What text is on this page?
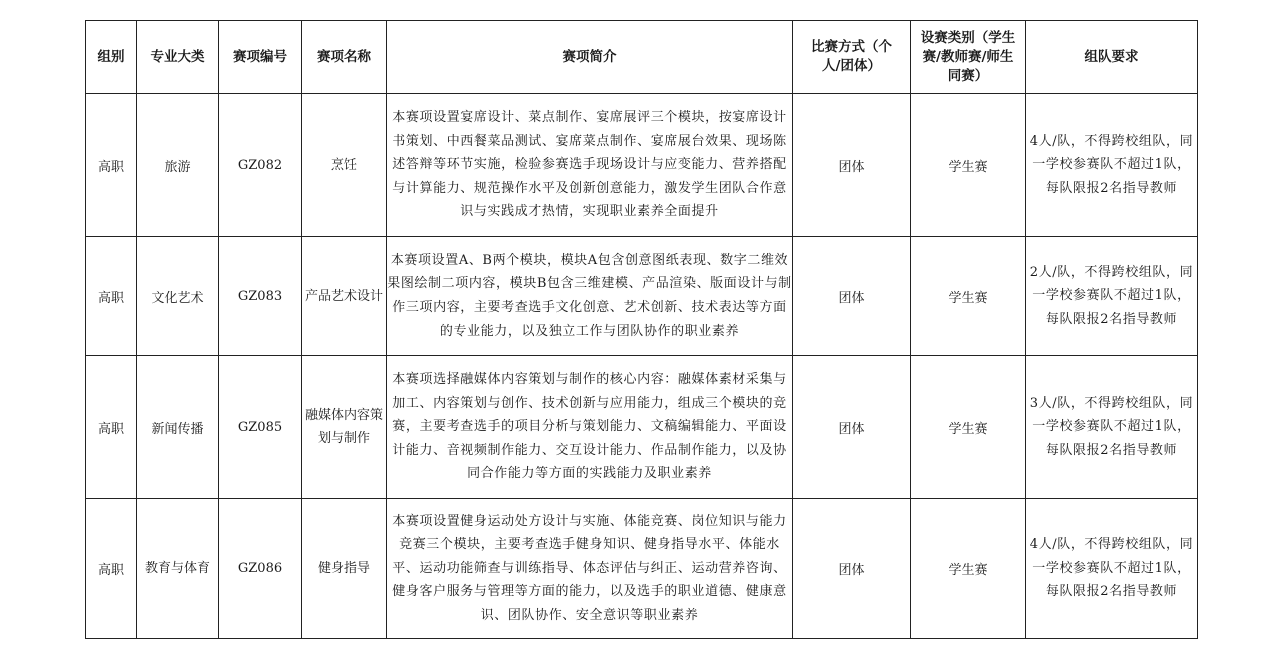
组别	专业大类	赛项编号	赛项名称	赛项简介	比赛方式（个人/团体）	设赛类别（学生赛/教师赛/师生同赛）	组队要求
高职	旅游	GZ082	烹饪	本赛项设置宴席设计、菜点制作、宴席展评三个模块，按宴席设计书策划、中西餐菜品测试、宴席菜点制作、宴席展台效果、现场陈述答辩等环节实施，检验参赛选手现场设计与应变能力、营养搭配与计算能力、规范操作水平及创新创意能力，激发学生团队合作意识与实践成才热情，实现职业素养全面提升	团体	学生赛	4人/队，不得跨校组队，同一学校参赛队不超过1队，每队限报2名指导教师
高职	文化艺术	GZ083	产品艺术设计	本赛项设置A、B两个模块，模块A包含创意图纸表现、数字二维效果图绘制二项内容，模块B包含三维建模、产品渲染、版面设计与制作三项内容，主要考查选手文化创意、艺术创新、技术表达等方面的专业能力，以及独立工作与团队协作的职业素养	团体	学生赛	2人/队，不得跨校组队，同一学校参赛队不超过1队，每队限报2名指导教师
高职	新闻传播	GZ085	融媒体内容策划与制作	本赛项选择融媒体内容策划与制作的核心内容：融媒体素材采集与加工、内容策划与创作、技术创新与应用能力，组成三个模块的竞赛，主要考查选手的项目分析与策划能力、文稿编辑能力、平面设计能力、音视频制作能力、交互设计能力、作品制作能力，以及协同合作能力等方面的实践能力及职业素养	团体	学生赛	3人/队，不得跨校组队，同一学校参赛队不超过1队，每队限报2名指导教师
高职	教育与体育	GZ086	健身指导	本赛项设置健身运动处方设计与实施、体能竞赛、岗位知识与能力竞赛三个模块，主要考查选手健身知识、健身指导水平、体能水平、运动功能筛查与训练指导、体态评估与纠正、运动营养咨询、健身客户服务与管理等方面的能力，以及选手的职业道德、健康意识、团队协作、安全意识等职业素养	团体	学生赛	4人/队，不得跨校组队，同一学校参赛队不超过1队，每队限报2名指导教师
